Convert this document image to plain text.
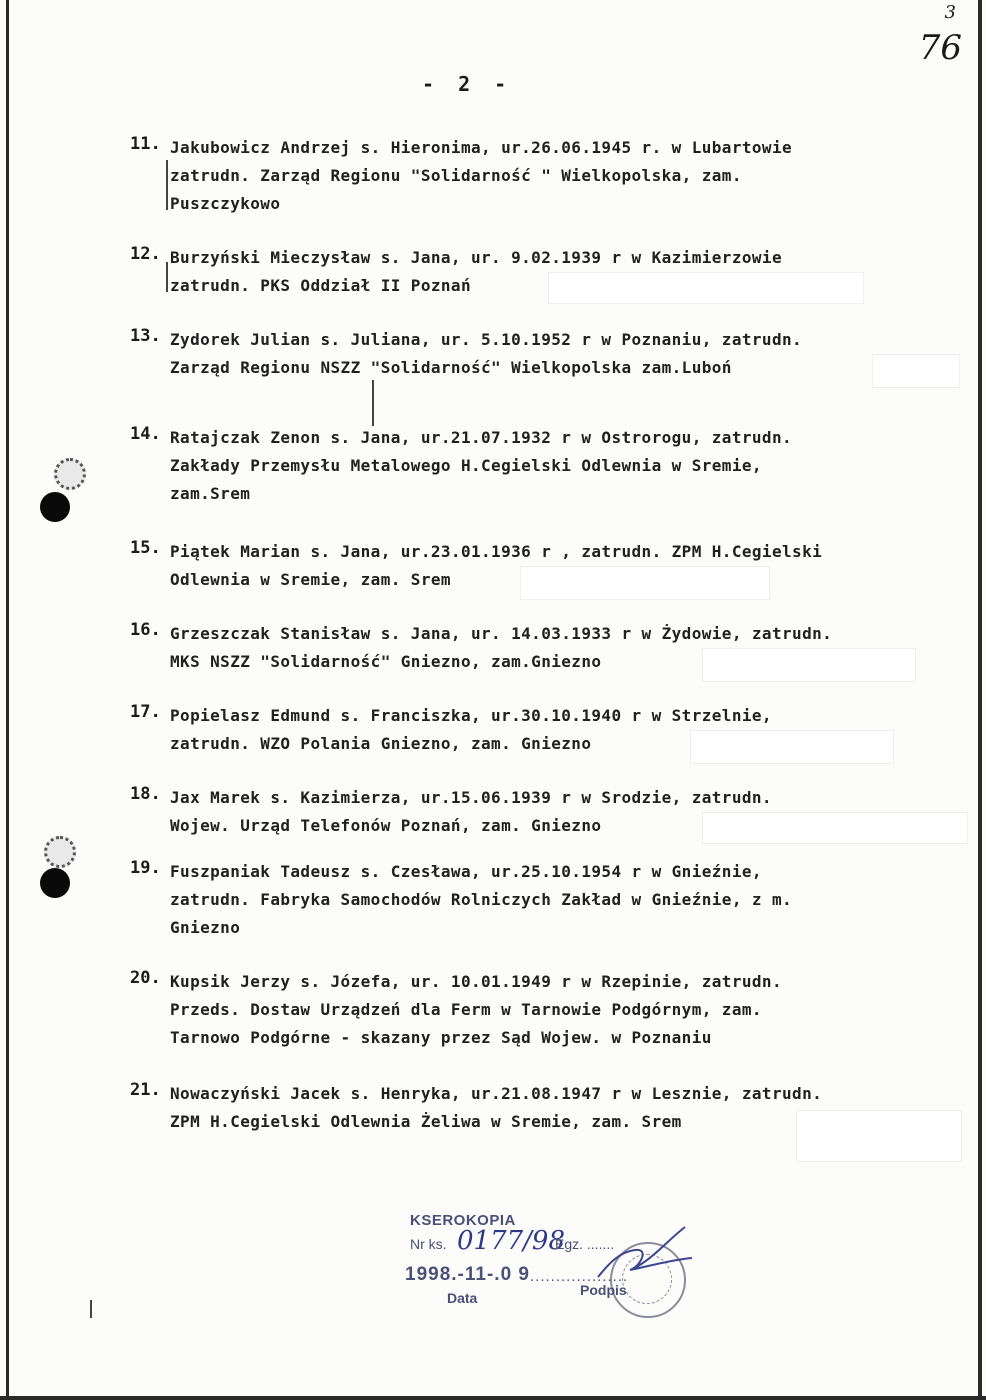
3
76
- 2 -
11. Jakubowicz Andrzej s. Hieronima, ur.26.06.1945 r. w Lubartowie
zatrudn. Zarząd Regionu "Solidarność " Wielkopolska, zam.
Puszczykowo
12. Burzyński Mieczysław s. Jana, ur. 9.02.1939 r w Kazimierzowie
zatrudn. PKS Oddział II Poznań
13. Zydorek Julian s. Juliana, ur. 5.10.1952 r w Poznaniu, zatrudn.
Zarząd Regionu NSZZ "Solidarność" Wielkopolska zam.Luboń
14. Ratajczak Zenon s. Jana, ur.21.07.1932 r w Ostrorogu, zatrudn.
Zakłady Przemysłu Metalowego H.Cegielski Odlewnia w Sremie,
zam.Srem
15. Piątek Marian s. Jana, ur.23.01.1936 r , zatrudn. ZPM H.Cegielski
Odlewnia w Sremie, zam. Srem
16. Grzeszczak Stanisław s. Jana, ur. 14.03.1933 r w Żydowie, zatrudn.
MKS NSZZ "Solidarność" Gniezno, zam.Gniezno
17. Popielasz Edmund s. Franciszka, ur.30.10.1940 r w Strzelnie,
zatrudn. WZO Polania Gniezno, zam. Gniezno
18. Jax Marek s. Kazimierza, ur.15.06.1939 r w Srodzie, zatrudn.
Wojew. Urząd Telefonów Poznań, zam. Gniezno
19. Fuszpaniak Tadeusz s. Czesława, ur.25.10.1954 r w Gnieźnie,
zatrudn. Fabryka Samochodów Rolniczych Zakład w Gnieźnie, z m.
Gniezno
20. Kupsik Jerzy s. Józefa, ur. 10.01.1949 r w Rzepinie, zatrudn.
Przeds. Dostaw Urządzeń dla Ferm w Tarnowie Podgórnym, zam.
Tarnowo Podgórne - skazany przez Sąd Wojew. w Poznaniu
21. Nowaczyński Jacek s. Henryka, ur.21.08.1947 r w Lesznie, zatrudn.
ZPM H.Cegielski Odlewnia Żeliwa w Sremie, zam. Srem
KSEROKOPIA
Nr ks. 0177/98
Egz. .......
1998.-11-.0 9 ...................
Data	Podpis
